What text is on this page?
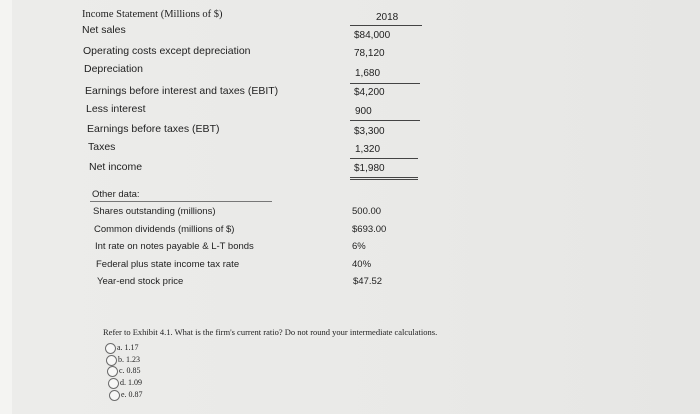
Income Statement (Millions of $)	2018
Net sales	$84,000
Operating costs except depreciation	78,120
Depreciation	1,680
Earnings before interest and taxes (EBIT)	$4,200
Less interest	900
Earnings before taxes (EBT)	$3,300
Taxes	1,320
Net income	$1,980
Other data:
Shares outstanding (millions)	500.00
Common dividends (millions of $)	$693.00
Int rate on notes payable & L-T bonds	6%
Federal plus state income tax rate	40%
Year-end stock price	$47.52
Refer to Exhibit 4.1. What is the firm's current ratio? Do not round your intermediate calculations.
a. 1.17
b. 1.23
c. 0.85
d. 1.09
e. 0.87
